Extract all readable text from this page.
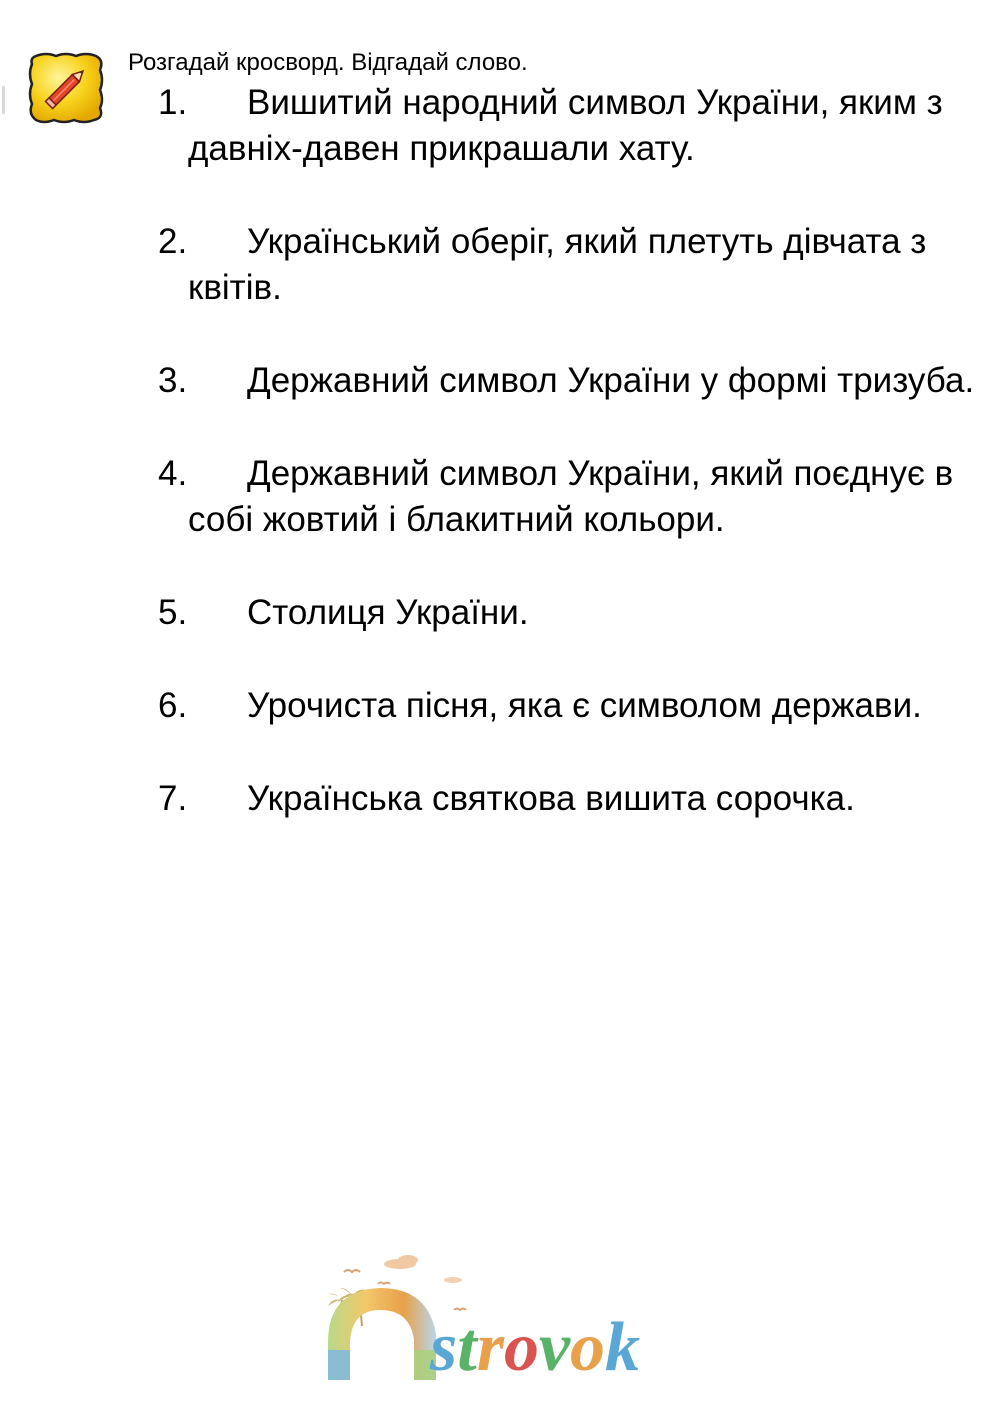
Розгадай кросворд. Відгадай слово.
1.	Вишитий народний символ України, яким з давніх-давен прикрашали хату.
2.	Український оберіг, який плетуть дівчата з квітів.
3.	Державний символ України у формі тризуба.
4.	Державний символ України, який поєднує в собі жовтий і блакитний кольори.
5.	Столиця України.
6.	Урочиста пісня, яка є символом держави.
7.	Українська святкова вишита сорочка.
strovok
